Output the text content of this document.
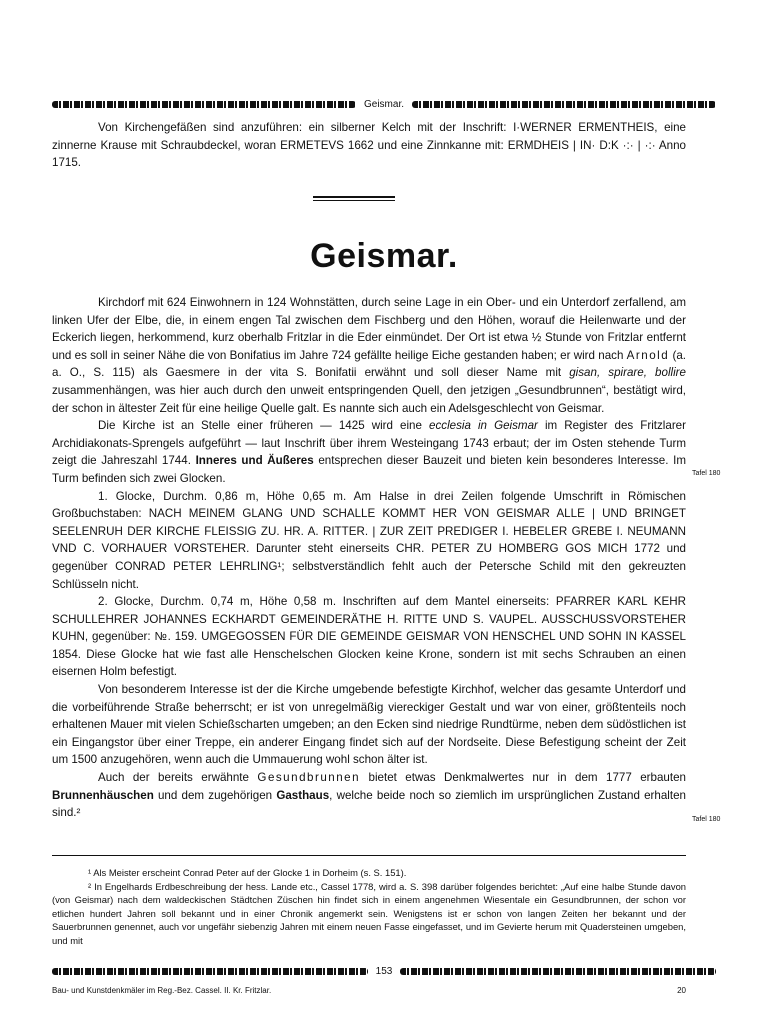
Geismar.

Von Kirchengefäßen sind anzuführen: ein silberner Kelch mit der Inschrift: I·WERNER ERMENTHEIS, eine zinnerne Krause mit Schraubdeckel, woran ERMETEVS 1662 und eine Zinnkanne mit: ERMDHEIS | IN· D:K ·:· | ·:· Anno 1715.

Geismar.

Kirchdorf mit 624 Einwohnern in 124 Wohnstätten, durch seine Lage in ein Ober- und ein Unterdorf zerfallend, am linken Ufer der Elbe, die, in einem engen Tal zwischen dem Fischberg und den Höhen, worauf die Heilenwarte und der Eckerich liegen, herkommend, kurz oberhalb Fritzlar in die Eder einmündet. Der Ort ist etwa ½ Stunde von Fritzlar entfernt und es soll in seiner Nähe die von Bonifatius im Jahre 724 gefällte heilige Eiche gestanden haben; er wird nach Arnold (a. a. O., S. 115) als Gaesmere in der vita S. Bonifatii erwähnt und soll dieser Name mit gisan, spirare, bollire zusammenhängen, was hier auch durch den unweit entspringenden Quell, den jetzigen „Gesundbrunnen“, bestätigt wird, der schon in ältester Zeit für eine heilige Quelle galt. Es nannte sich auch ein Adelsgeschlecht von Geismar.

Die Kirche ist an Stelle einer früheren — 1425 wird eine ecclesia in Geismar im Register des Fritzlarer Archidiakonats-Sprengels aufgeführt — laut Inschrift über ihrem Westeingang 1743 erbaut; der im Osten stehende Turm zeigt die Jahreszahl 1744. Inneres und Äußeres entsprechen dieser Bauzeit und bieten kein besonderes Interesse. Im Turm befinden sich zwei Glocken.

1. Glocke, Durchm. 0,86 m, Höhe 0,65 m. Am Halse in drei Zeilen folgende Umschrift in Römischen Großbuchstaben: NACH MEINEM GLANG UND SCHALLE KOMMT HER VON GEISMAR ALLE | UND BRINGET SEELENRUH DER KIRCHE FLEISSIG ZU. HR. A. RITTER. | ZUR ZEIT PREDIGER I. HEBELER GREBE I. NEUMANN VND C. VORHAUER VORSTEHER. Darunter steht einerseits CHR. PETER ZU HOMBERG GOS MICH 1772 und gegenüber CONRAD PETER LEHRLING¹; selbstverständlich fehlt auch der Petersche Schild mit den gekreuzten Schlüsseln nicht.

2. Glocke, Durchm. 0,74 m, Höhe 0,58 m. Inschriften auf dem Mantel einerseits: PFARRER KARL KEHR SCHULLEHRER JOHANNES ECKHARDT GEMEINDERÄTHE H. RITTE UND S. VAUPEL. AUSSCHUSSVORSTEHER KUHN, gegenüber: №. 159. UMGEGOSSEN FÜR DIE GEMEINDE GEISMAR VON HENSCHEL UND SOHN IN KASSEL 1854. Diese Glocke hat wie fast alle Henschelschen Glocken keine Krone, sondern ist mit sechs Schrauben an einen eisernen Holm befestigt.

Von besonderem Interesse ist der die Kirche umgebende befestigte Kirchhof, welcher das gesamte Unterdorf und die vorbeiführende Straße beherrscht; er ist von unregelmäßig viereckiger Gestalt und war von einer, größtenteils noch erhaltenen Mauer mit vielen Schießscharten umgeben; an den Ecken sind niedrige Rundtürme, neben dem südöstlichen ist ein Eingangstor über einer Treppe, ein anderer Eingang findet sich auf der Nordseite. Diese Befestigung scheint der Zeit um 1500 anzugehören, wenn auch die Ummauerung wohl schon älter ist.

Auch der bereits erwähnte Gesundbrunnen bietet etwas Denkmalwertes nur in dem 1777 erbauten Brunnenhäuschen und dem zugehörigen Gasthaus, welche beide noch so ziemlich im ursprünglichen Zustand erhalten sind.²

Tafel 180
Tafel 180

¹ Als Meister erscheint Conrad Peter auf der Glocke 1 in Dorheim (s. S. 151).

² In Engelhards Erdbeschreibung der hess. Lande etc., Cassel 1778, wird a. S. 398 darüber folgendes berichtet: „Auf eine halbe Stunde davon (von Geismar) nach dem waldeckischen Städtchen Züschen hin findet sich in einem angenehmen Wiesentale ein Gesundbrunnen, der schon vor etlichen hundert Jahren soll bekannt und in einer Chronik angemerkt sein. Wenigstens ist er schon von langen Zeiten her bekannt und der Sauerbrunnen genennet, auch vor ungefähr siebenzig Jahren mit einem neuen Fasse eingefasset, und im Gevierte herum mit Quadersteinen umgeben, und mit

153
Bau- und Kunstdenkmäler im Reg.-Bez. Cassel. II. Kr. Fritzlar.	20
